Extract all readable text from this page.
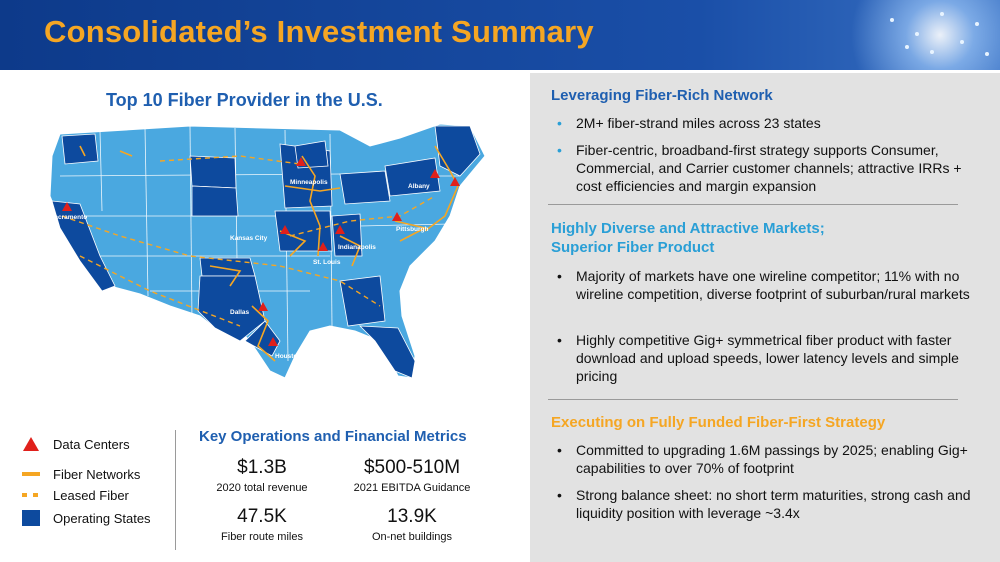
Consolidated’s Investment Summary
Top 10 Fiber Provider in the U.S.
Sacramento
Kansas City
Minneapolis
Albany
Boston
Pittsburgh
Indianapolis
St. Louis
Dallas
Houston
Data Centers
Fiber Networks
Leased Fiber
Operating States
Key Operations and Financial Metrics
$1.3B
2020 total revenue
$500-510M
2021 EBITDA Guidance
47.5K
Fiber route miles
13.9K
On-net buildings
Leveraging Fiber-Rich Network
• 2M+ fiber-strand miles across 23 states
• Fiber-centric, broadband-first strategy supports Consumer, Commercial, and Carrier customer channels; attractive IRRs + cost efficiencies and margin expansion
Highly Diverse and Attractive Markets; Superior Fiber Product
• Majority of markets have one wireline competitor; 11% with no wireline competition, diverse footprint of suburban/rural markets
• Highly competitive Gig+ symmetrical fiber product with faster download and upload speeds, lower latency levels and simple pricing
Executing on Fully Funded Fiber-First Strategy
• Committed to upgrading 1.6M passings by 2025; enabling Gig+ capabilities to over 70% of footprint
• Strong balance sheet: no short term maturities, strong cash and liquidity position with leverage ~3.4x
